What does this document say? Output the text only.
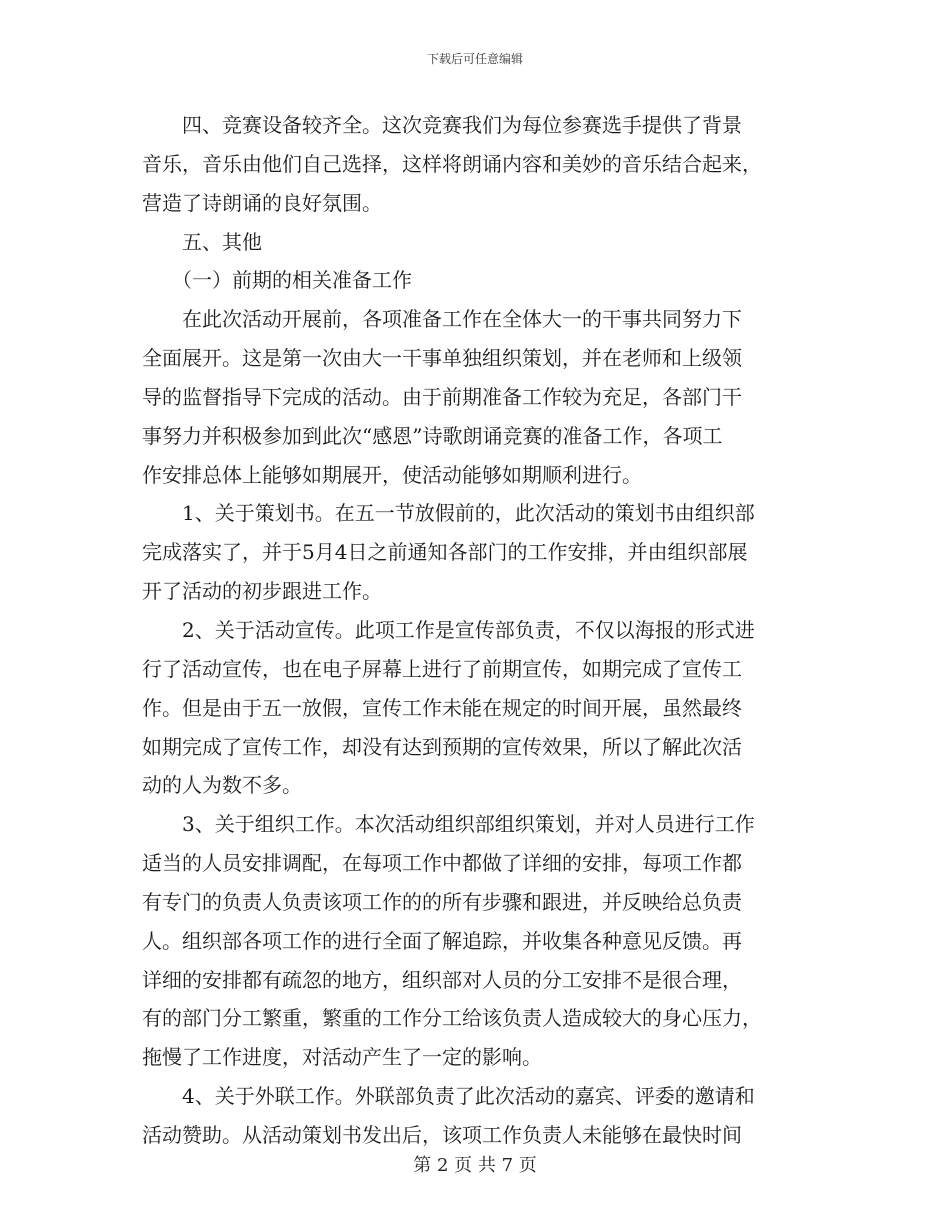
下载后可任意编辑
　　四、竞赛设备较齐全。这次竞赛我们为每位参赛选手提供了背景
音乐，音乐由他们自己选择，这样将朗诵内容和美妙的音乐结合起来，
营造了诗朗诵的良好氛围。
　　五、其他
　　（一）前期的相关准备工作
　　在此次活动开展前，各项准备工作在全体大一的干事共同努力下
全面展开。这是第一次由大一干事单独组织策划，并在老师和上级领
导的监督指导下完成的活动。由于前期准备工作较为充足，各部门干
事努力并积极参加到此次“感恩”诗歌朗诵竞赛的准备工作，各项工
作安排总体上能够如期展开，使活动能够如期顺利进行。
　　1、关于策划书。在五一节放假前的，此次活动的策划书由组织部
完成落实了，并于5月4日之前通知各部门的工作安排，并由组织部展
开了活动的初步跟进工作。
　　2、关于活动宣传。此项工作是宣传部负责，不仅以海报的形式进
行了活动宣传，也在电子屏幕上进行了前期宣传，如期完成了宣传工
作。但是由于五一放假，宣传工作未能在规定的时间开展，虽然最终
如期完成了宣传工作，却没有达到预期的宣传效果，所以了解此次活
动的人为数不多。
　　3、关于组织工作。本次活动组织部组织策划，并对人员进行工作
适当的人员安排调配，在每项工作中都做了详细的安排，每项工作都
有专门的负责人负责该项工作的的所有步骤和跟进，并反映给总负责
人。组织部各项工作的进行全面了解追踪，并收集各种意见反馈。再
详细的安排都有疏忽的地方，组织部对人员的分工安排不是很合理，
有的部门分工繁重，繁重的工作分工给该负责人造成较大的身心压力，
拖慢了工作进度，对活动产生了一定的影响。
　　4、关于外联工作。外联部负责了此次活动的嘉宾、评委的邀请和
活动赞助。从活动策划书发出后，该项工作负责人未能够在最快时间
第 2 页 共 7 页
